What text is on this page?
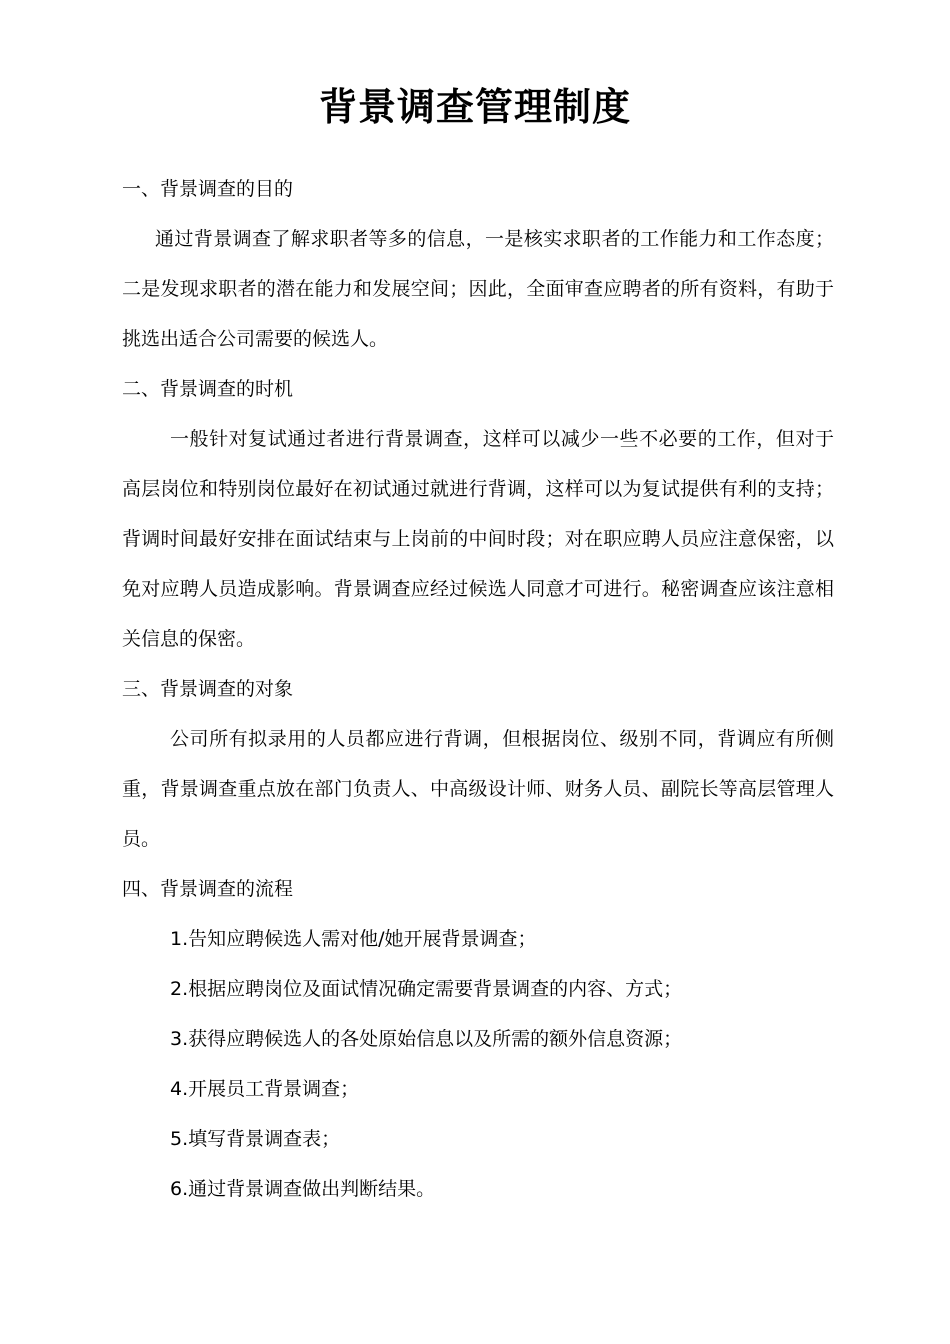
背景调查管理制度

一、背景调查的目的

通过背景调查了解求职者等多的信息，一是核实求职者的工作能力和工作态度；

二是发现求职者的潜在能力和发展空间；因此，全面审查应聘者的所有资料，有助于

挑选出适合公司需要的候选人。

二、背景调查的时机

一般针对复试通过者进行背景调查，这样可以减少一些不必要的工作，但对于

高层岗位和特别岗位最好在初试通过就进行背调，这样可以为复试提供有利的支持；

背调时间最好安排在面试结束与上岗前的中间时段；对在职应聘人员应注意保密，以

免对应聘人员造成影响。背景调查应经过候选人同意才可进行。秘密调查应该注意相

关信息的保密。

三、背景调查的对象

公司所有拟录用的人员都应进行背调，但根据岗位、级别不同，背调应有所侧

重，背景调查重点放在部门负责人、中高级设计师、财务人员、副院长等高层管理人

员。

四、背景调查的流程

1.告知应聘候选人需对他/她开展背景调查；

2.根据应聘岗位及面试情况确定需要背景调查的内容、方式；

3.获得应聘候选人的各处原始信息以及所需的额外信息资源；

4.开展员工背景调查；

5.填写背景调查表；

6.通过背景调查做出判断结果。
